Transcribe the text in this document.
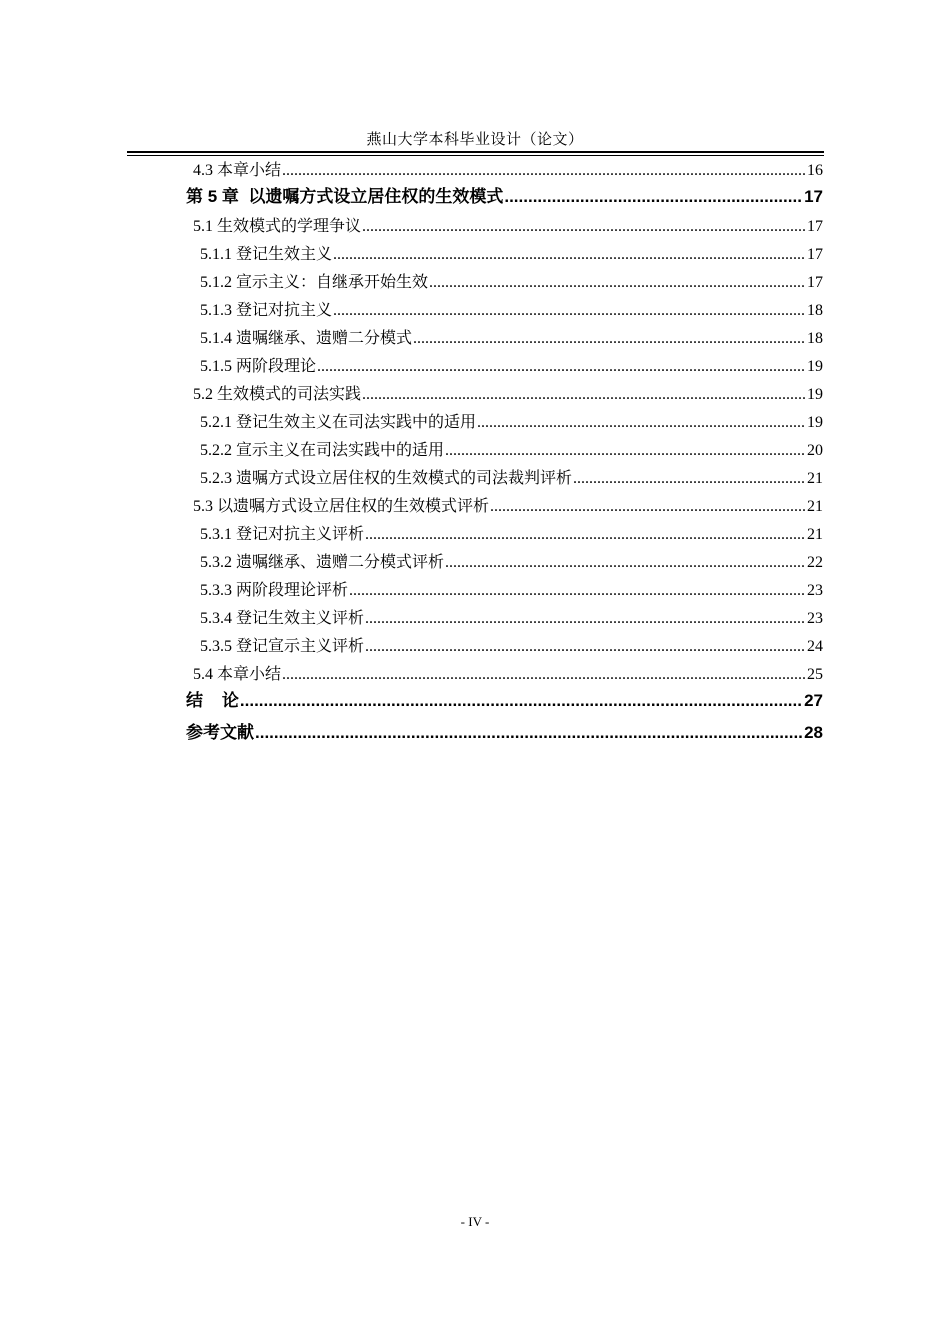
燕山大学本科毕业设计（论文）
4.3 本章小结 .....	16
第 5 章  以遗嘱方式设立居住权的生效模式 .....	17
5.1 生效模式的学理争议 .....	17
5.1.1 登记生效主义 .....	17
5.1.2 宣示主义：自继承开始生效 .....	17
5.1.3 登记对抗主义 .....	18
5.1.4 遗嘱继承、遗赠二分模式 .....	18
5.1.5 两阶段理论 .....	19
5.2 生效模式的司法实践 .....	19
5.2.1 登记生效主义在司法实践中的适用 .....	19
5.2.2 宣示主义在司法实践中的适用 .....	20
5.2.3 遗嘱方式设立居住权的生效模式的司法裁判评析 .....	21
5.3 以遗嘱方式设立居住权的生效模式评析 .....	21
5.3.1 登记对抗主义评析 .....	21
5.3.2 遗嘱继承、遗赠二分模式评析 .....	22
5.3.3 两阶段理论评析 .....	23
5.3.4 登记生效主义评析 .....	23
5.3.5 登记宣示主义评析 .....	24
5.4 本章小结 .....	25
结    论 .....	27
参考文献 .....	28
- IV -
